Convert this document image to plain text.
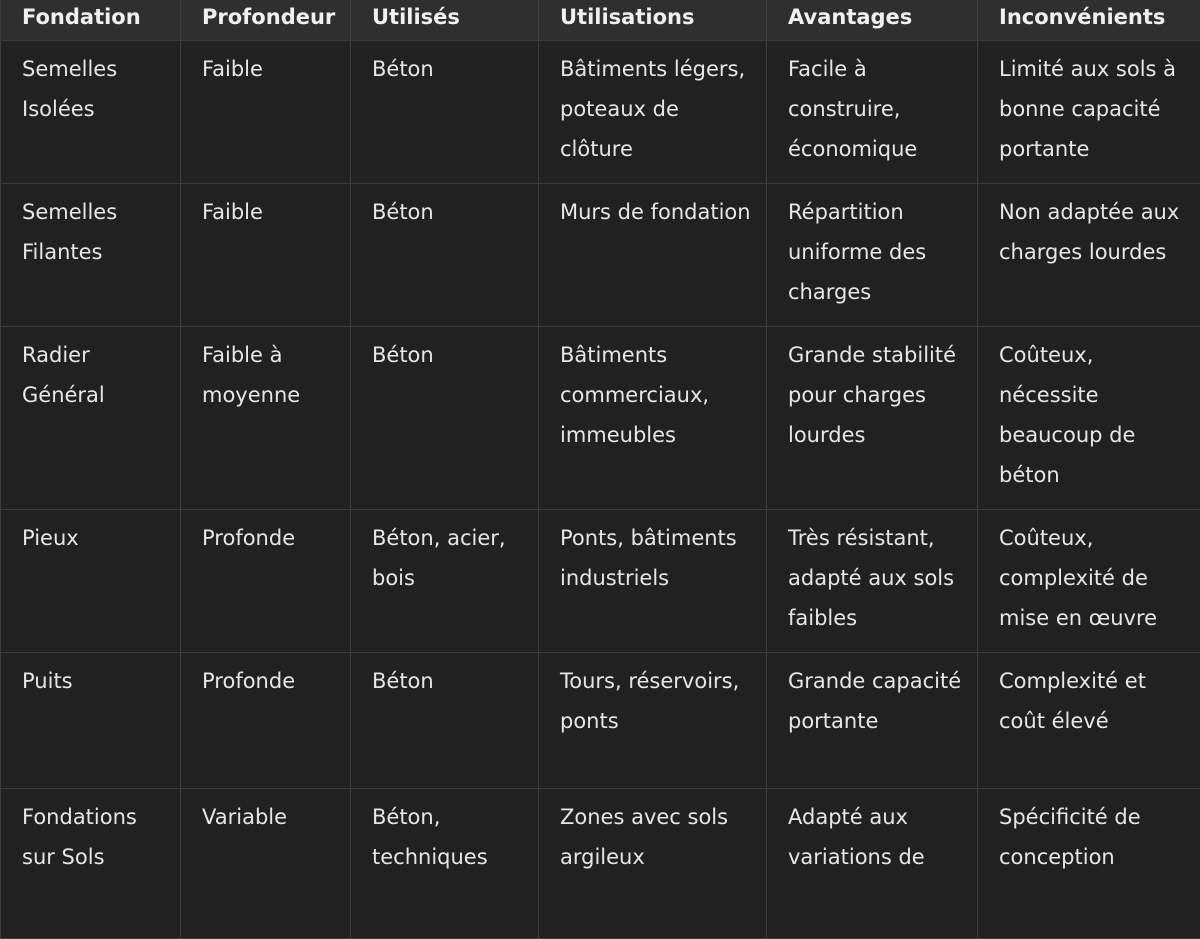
Fondation	Profondeur	Utilisés	Utilisations	Avantages	Inconvénients
Semelles Isolées	Faible	Béton	Bâtiments légers, poteaux de clôture	Facile à construire, économique	Limité aux sols à bonne capacité portante
Semelles Filantes	Faible	Béton	Murs de fondation	Répartition uniforme des charges	Non adaptée aux charges lourdes
Radier Général	Faible à moyenne	Béton	Bâtiments commerciaux, immeubles	Grande stabilité pour charges lourdes	Coûteux, nécessite beaucoup de béton
Pieux	Profonde	Béton, acier, bois	Ponts, bâtiments industriels	Très résistant, adapté aux sols faibles	Coûteux, complexité de mise en œuvre
Puits	Profonde	Béton	Tours, réservoirs, ponts	Grande capacité portante	Complexité et coût élevé
Fondations sur Sols	Variable	Béton, techniques	Zones avec sols argileux	Adapté aux variations de	Spécificité de conception
